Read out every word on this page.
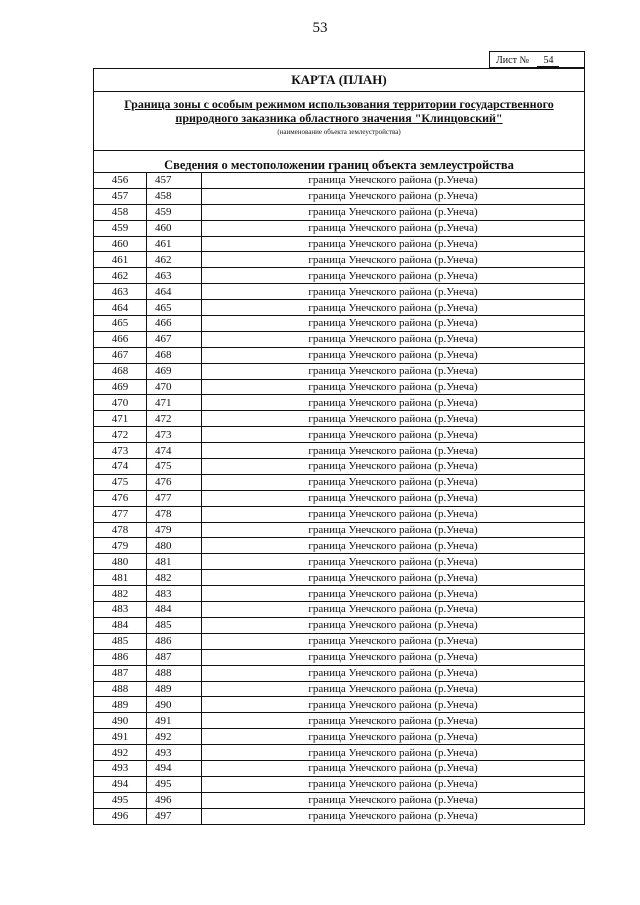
53
Лист № 54
КАРТА (ПЛАН)
Граница зоны с особым режимом использования территории государственного природного заказника областного значения "Клинцовский"
(наименование объекта землеустройства)
Сведения о местоположении границ объекта землеустройства
456	457	граница Унечского района (р.Унеча)
457	458	граница Унечского района (р.Унеча)
458	459	граница Унечского района (р.Унеча)
459	460	граница Унечского района (р.Унеча)
460	461	граница Унечского района (р.Унеча)
461	462	граница Унечского района (р.Унеча)
462	463	граница Унечского района (р.Унеча)
463	464	граница Унечского района (р.Унеча)
464	465	граница Унечского района (р.Унеча)
465	466	граница Унечского района (р.Унеча)
466	467	граница Унечского района (р.Унеча)
467	468	граница Унечского района (р.Унеча)
468	469	граница Унечского района (р.Унеча)
469	470	граница Унечского района (р.Унеча)
470	471	граница Унечского района (р.Унеча)
471	472	граница Унечского района (р.Унеча)
472	473	граница Унечского района (р.Унеча)
473	474	граница Унечского района (р.Унеча)
474	475	граница Унечского района (р.Унеча)
475	476	граница Унечского района (р.Унеча)
476	477	граница Унечского района (р.Унеча)
477	478	граница Унечского района (р.Унеча)
478	479	граница Унечского района (р.Унеча)
479	480	граница Унечского района (р.Унеча)
480	481	граница Унечского района (р.Унеча)
481	482	граница Унечского района (р.Унеча)
482	483	граница Унечского района (р.Унеча)
483	484	граница Унечского района (р.Унеча)
484	485	граница Унечского района (р.Унеча)
485	486	граница Унечского района (р.Унеча)
486	487	граница Унечского района (р.Унеча)
487	488	граница Унечского района (р.Унеча)
488	489	граница Унечского района (р.Унеча)
489	490	граница Унечского района (р.Унеча)
490	491	граница Унечского района (р.Унеча)
491	492	граница Унечского района (р.Унеча)
492	493	граница Унечского района (р.Унеча)
493	494	граница Унечского района (р.Унеча)
494	495	граница Унечского района (р.Унеча)
495	496	граница Унечского района (р.Унеча)
496	497	граница Унечского района (р.Унеча)
